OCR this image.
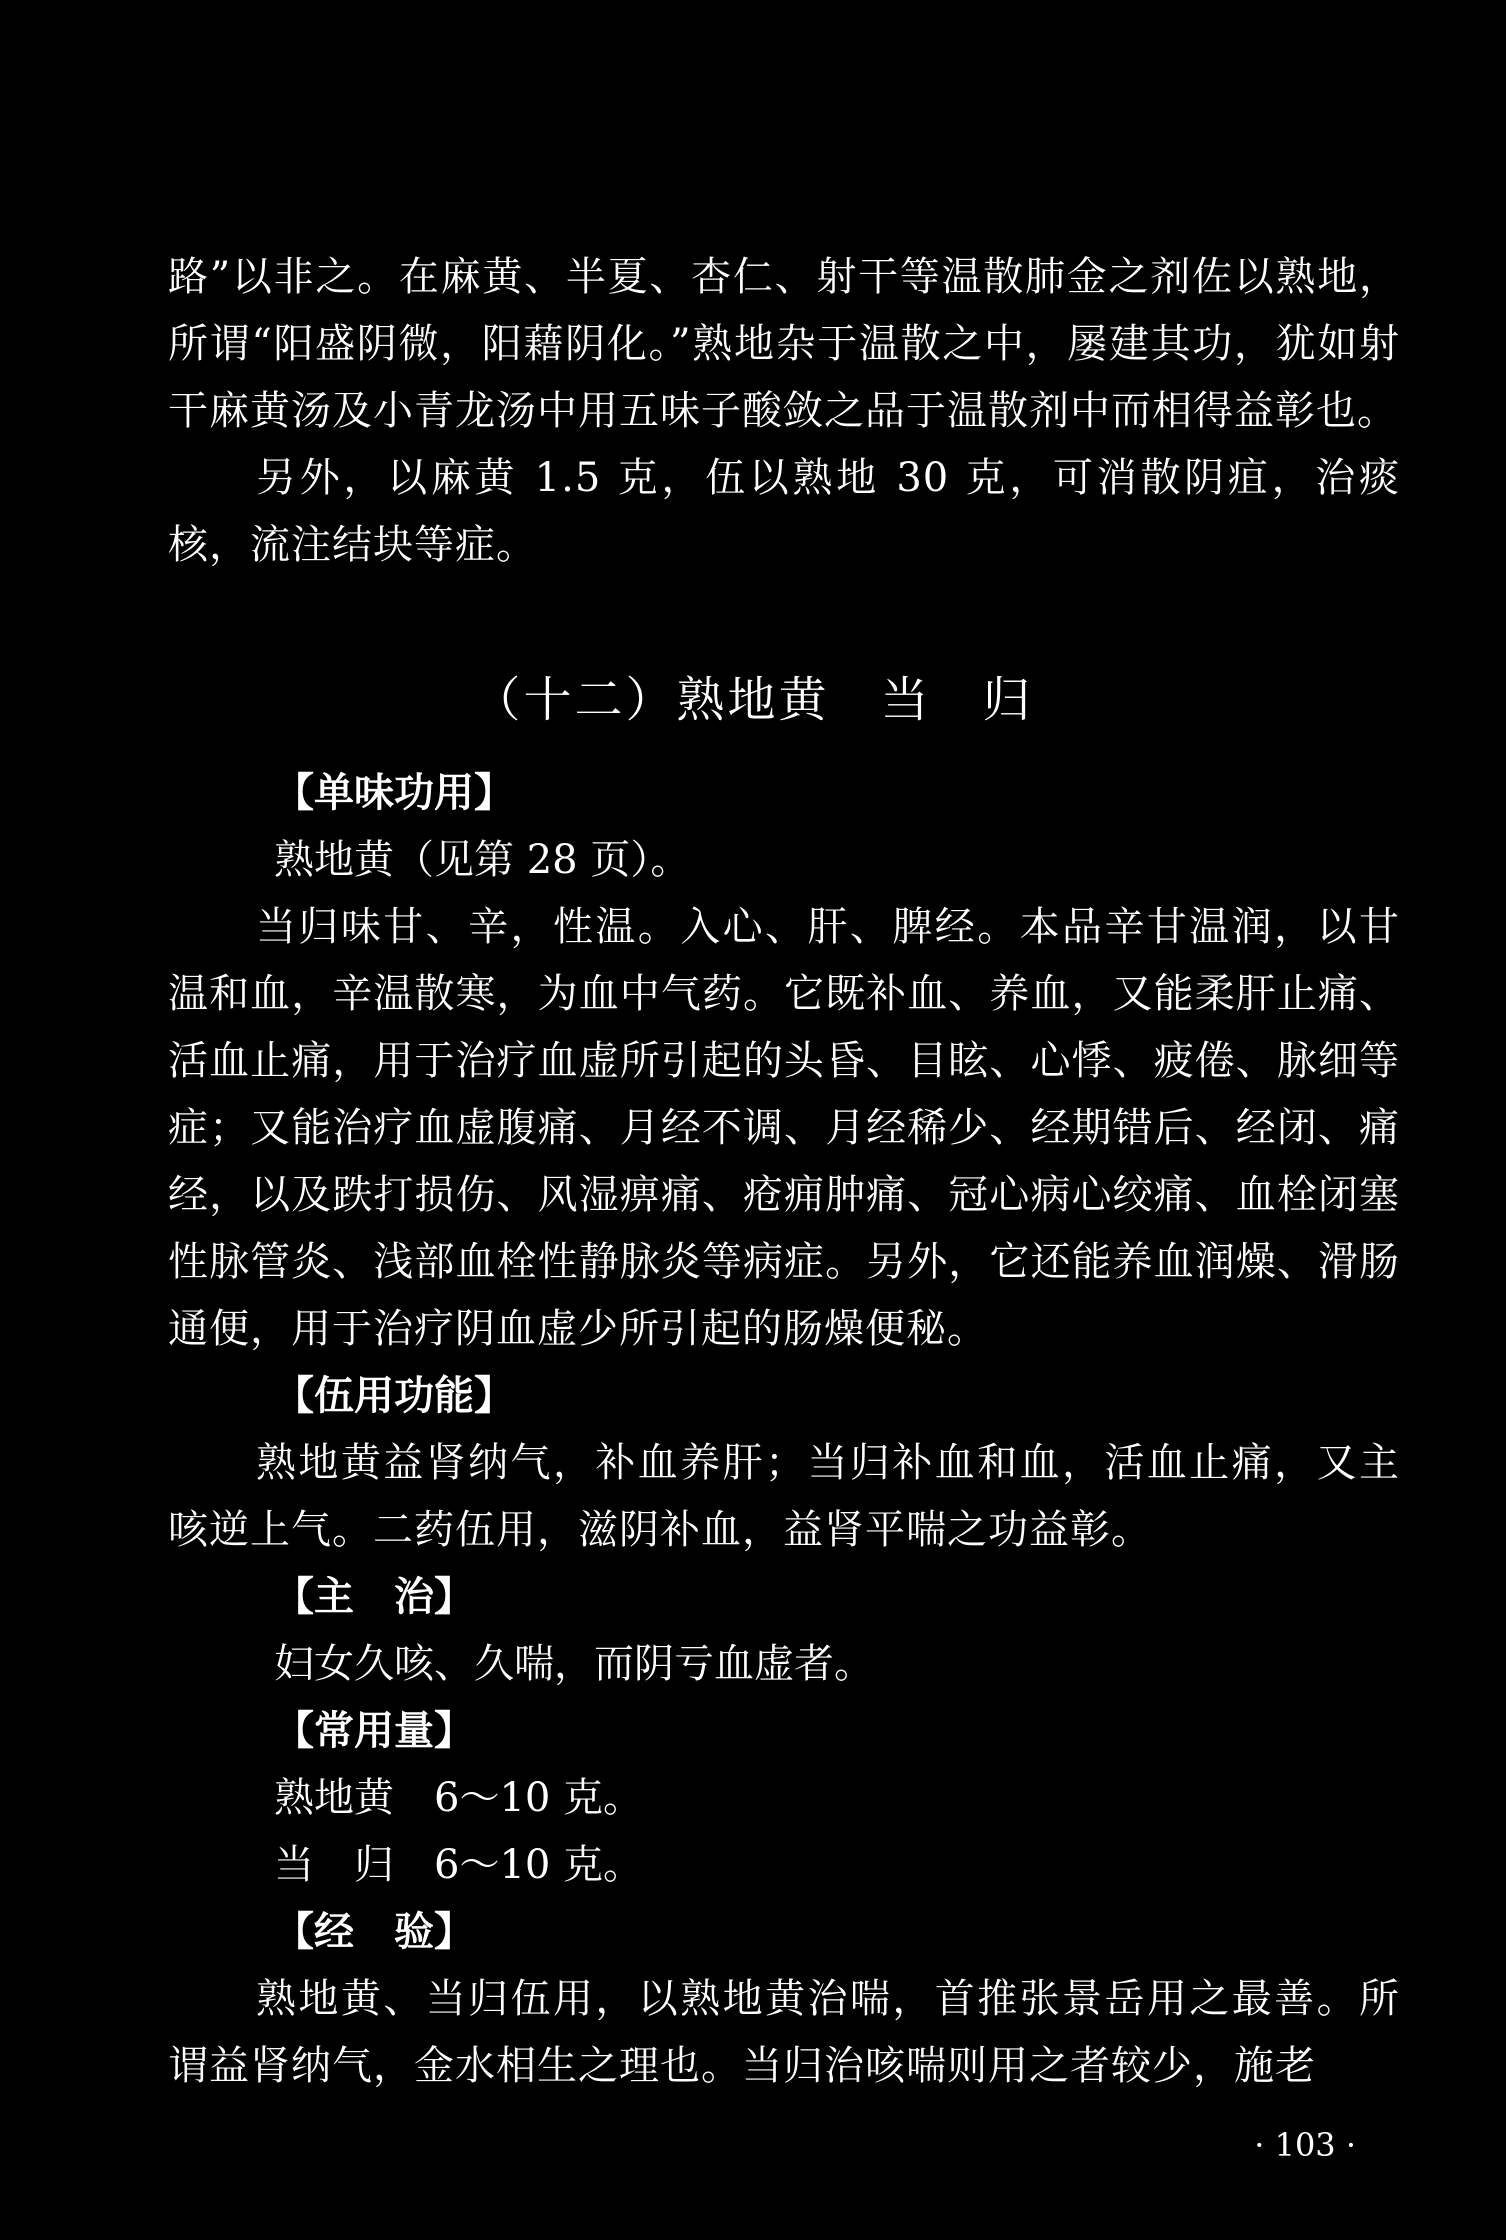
路”以非之。在麻黄、半夏、杏仁、射干等温散肺金之剂佐以熟地，所谓“阳盛阴微，阳藉阴化。”熟地杂于温散之中，屡建其功，犹如射干麻黄汤及小青龙汤中用五味子酸敛之品于温散剂中而相得益彰也。

另外，以麻黄 1.5 克，伍以熟地 30 克，可消散阴疽，治痰核，流注结块等症。

（十二）熟地黄　当　归

【单味功用】

熟地黄（见第 28 页）。

当归味甘、辛，性温。入心、肝、脾经。本品辛甘温润，以甘温和血，辛温散寒，为血中气药。它既补血、养血，又能柔肝止痛、活血止痛，用于治疗血虚所引起的头昏、目眩、心悸、疲倦、脉细等症；又能治疗血虚腹痛、月经不调、月经稀少、经期错后、经闭、痛经，以及跌打损伤、风湿痹痛、疮痈肿痛、冠心病心绞痛、血栓闭塞性脉管炎、浅部血栓性静脉炎等病症。另外，它还能养血润燥、滑肠通便，用于治疗阴血虚少所引起的肠燥便秘。

【伍用功能】

熟地黄益肾纳气，补血养肝；当归补血和血，活血止痛，又主咳逆上气。二药伍用，滋阴补血，益肾平喘之功益彰。

【主　治】

妇女久咳、久喘，而阴亏血虚者。

【常用量】

熟地黄　6～10 克。

当　归　6～10 克。

【经　验】

熟地黄、当归伍用，以熟地黄治喘，首推张景岳用之最善。所谓益肾纳气，金水相生之理也。当归治咳喘则用之者较少，施老

· 103 ·
